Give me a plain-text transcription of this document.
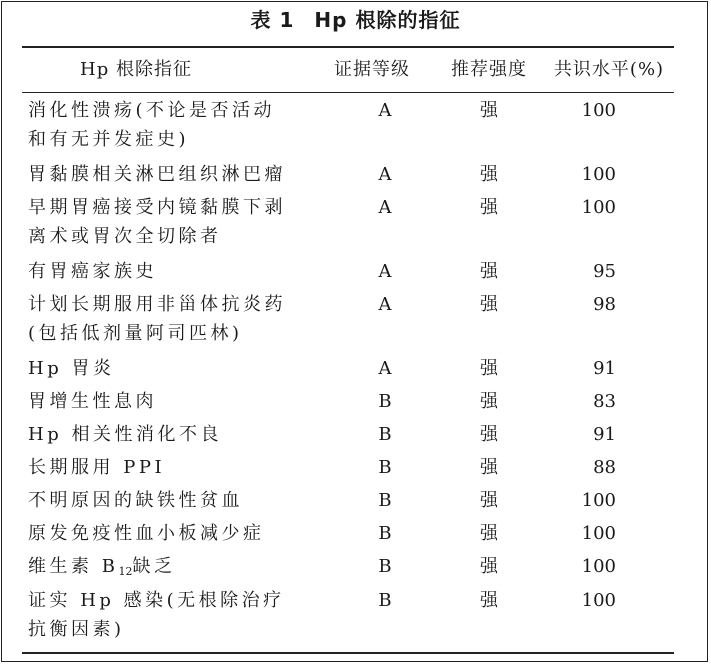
表 1 Hp 根除的指征
Hp 根除指征	证据等级	推荐强度	共识水平(%)

消化性溃疡(不论是否活动
和有无并发症史)	A	强	100

胃黏膜相关淋巴组织淋巴瘤	A	强	100

早期胃癌接受内镜黏膜下剥
离术或胃次全切除者	A	强	100

有胃癌家族史	A	强	95

计划长期服用非甾体抗炎药
(包括低剂量阿司匹林)	A	强	98

Hp 胃炎	A	强	91

胃增生性息肉	B	强	83

Hp 相关性消化不良	B	强	91

长期服用 PPI	B	强	88

不明原因的缺铁性贫血	B	强	100

原发免疫性血小板减少症	B	强	100

维生素 $B_{12}$缺乏	B	强	100

证实 Hp 感染(无根除治疗
抗衡因素)	B	强	100
